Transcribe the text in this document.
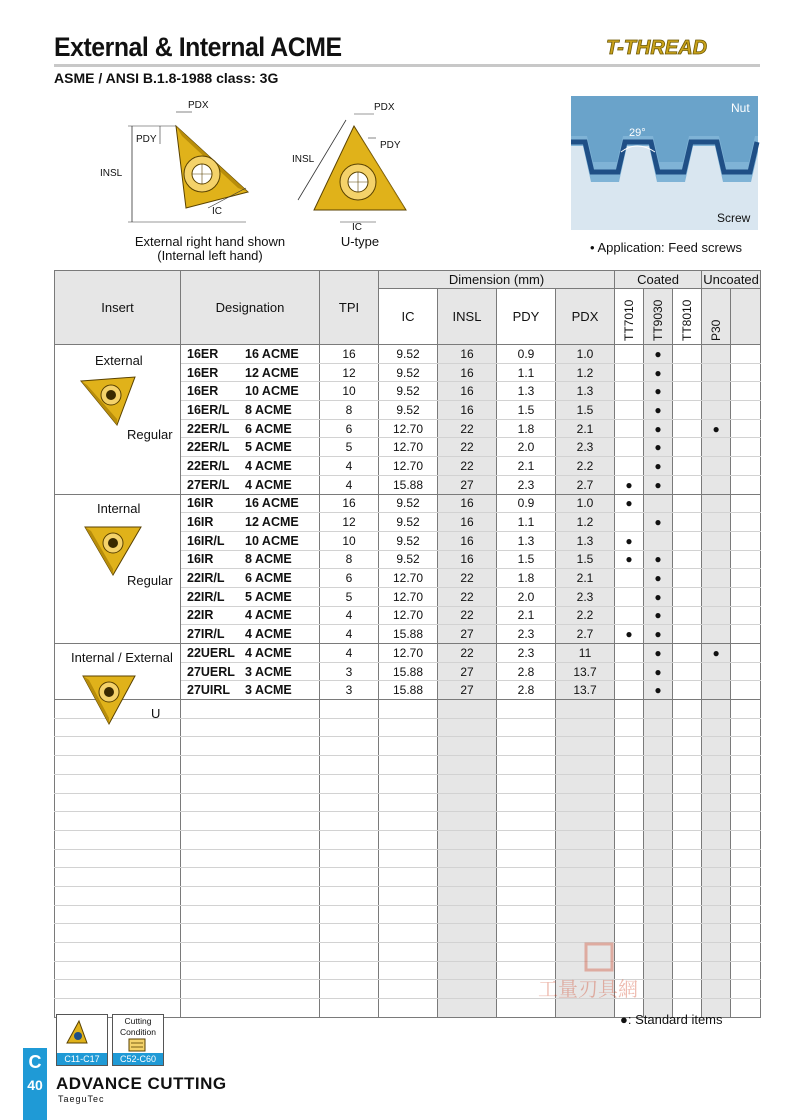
External & Internal ACME	T-THREAD
ASME / ANSI B.1.8-1988 class: 3G
PDX
PDY
INSL
IC
External right hand shown
(Internal left hand)
PDX
PDY
INSL
IC
U-type
29°
Nut
Screw
• Application: Feed screws
Insert	Designation	TPI	Dimension (mm)				Coated			Uncoated	
			IC	INSL	PDY	PDX	TT7010	TT9030	TT8010	P30	

External
Regular	16ER 16 ACME	16	9.52	16	0.9	1.0		●			
	16ER 12 ACME	12	9.52	16	1.1	1.2		●			
	16ER 10 ACME	10	9.52	16	1.3	1.3		●			
	16ER/L 8 ACME	8	9.52	16	1.5	1.5		●			
	22ER/L 6 ACME	6	12.70	22	1.8	2.1		●		●	
	22ER/L 5 ACME	5	12.70	22	2.0	2.3		●			
	22ER/L 4 ACME	4	12.70	22	2.1	2.2		●			
	27ER/L 4 ACME	4	15.88	27	2.3	2.7	●	●			

Internal
Regular	16IR 16 ACME	16	9.52	16	0.9	1.0	●				
	16IR 12 ACME	12	9.52	16	1.1	1.2		●			
	16IR/L 10 ACME	10	9.52	16	1.3	1.3	●				
	16IR 8 ACME	8	9.52	16	1.5	1.5	●	●			
	22IR/L 6 ACME	6	12.70	22	1.8	2.1		●			
	22IR/L 5 ACME	5	12.70	22	2.0	2.3		●			
	22IR 4 ACME	4	12.70	22	2.1	2.2		●			
	27IR/L 4 ACME	4	15.88	27	2.3	2.7	●	●			

Internal / External
U	22UERL 4 ACME	4	12.70	22	2.3	11		●		●	
	27UERL 3 ACME	3	15.88	27	2.8	13.7		●			
	27UIRL 3 ACME	3	15.88	27	2.8	13.7		●			

●: Standard items
C
40
C11-C17
Cutting
Condition
C52-C60
ADVANCE CUTTING
TaeguTec
工量刃具網
